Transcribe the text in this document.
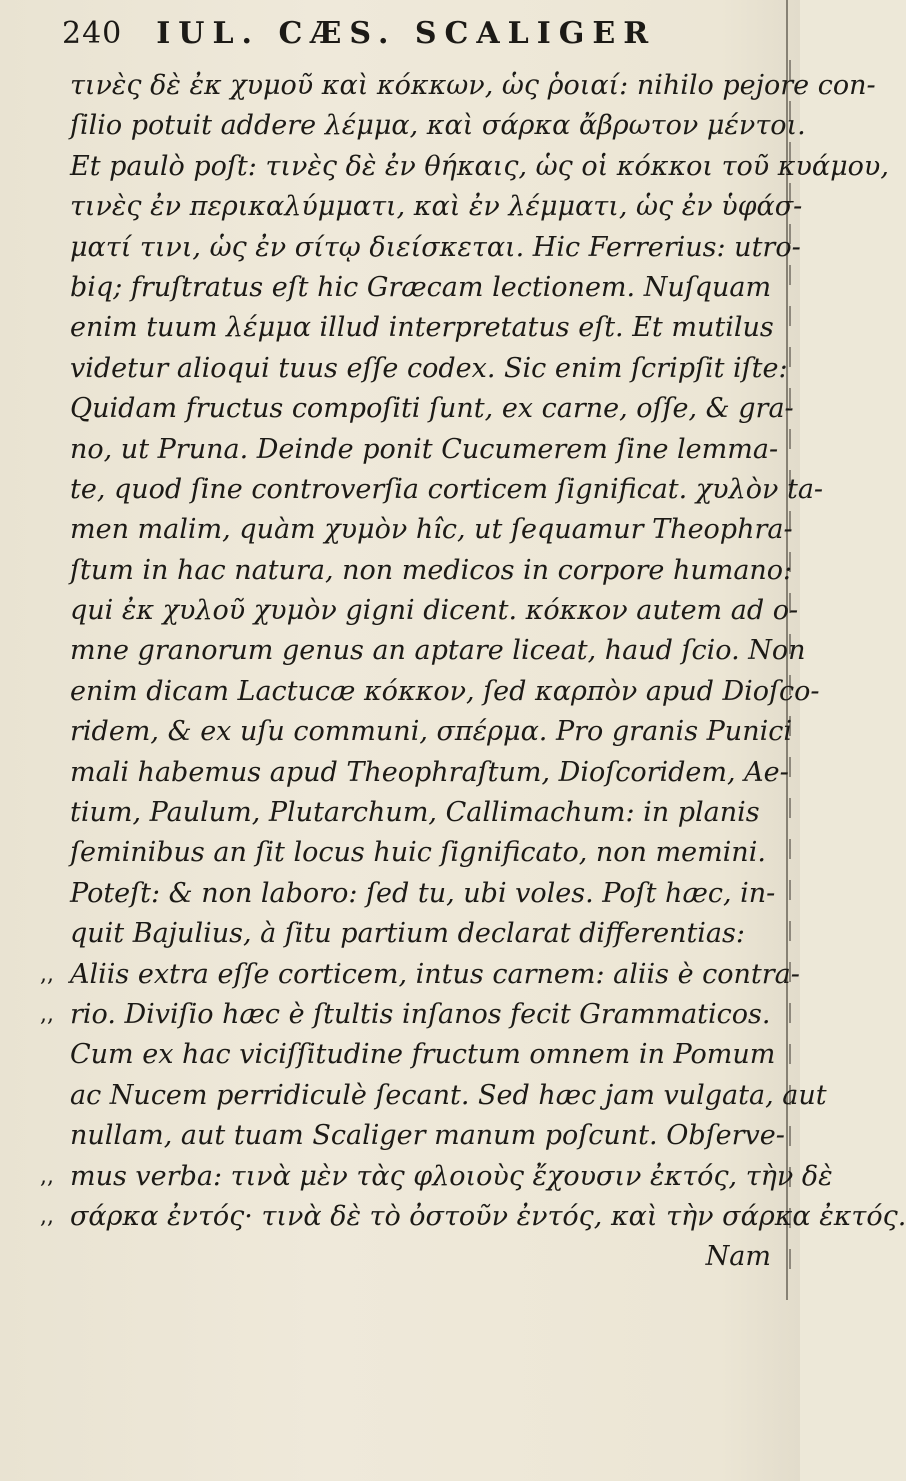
240 IUL. CÆS. SCALIGER
τινὲς δὲ ἐκ χυμοῦ καὶ κόκκων, ὡς ῥοιαί: nihilo pejore con-
ſilio potuit addere λέμμα, καὶ σάρκα ἄβρωτον μέντοι.
Et paulò poſt: τινὲς δὲ ἐν θήκαις, ὡς οἱ κόκκοι τοῦ κυάμου,
τινὲς ἐν περικαλύμματι, καὶ ἐν λέμματι, ὡς ἐν ὑφάσ-
ματί τινι, ὡς ἐν σίτῳ διείσκεται. Hic Ferrerius: utro-
biq; fruſtratus eſt hic Græcam lectionem. Nuſquam
enim tuum λέμμα illud interpretatus eſt. Et mutilus
videtur alioqui tuus eſſe codex. Sic enim ſcripſit iſte:
Quidam fructus compoſiti ſunt, ex carne, oſſe, & gra-
no, ut Pruna. Deinde ponit Cucumerem ſine lemma-
te, quod ſine controverſia corticem ſignificat. χυλὸν ta-
men malim, quàm χυμὸν hîc, ut ſequamur Theophra-
ſtum in hac natura, non medicos in corpore humano:
qui ἐκ χυλοῦ χυμὸν gigni dicent. κόκκον autem ad o-
mne granorum genus an aptare liceat, haud ſcio. Non
enim dicam Lactucæ κόκκον, ſed καρπὸν apud Dioſco-
ridem, & ex uſu communi, σπέρμα. Pro granis Punici
mali habemus apud Theophraſtum, Dioſcoridem, Ae-
tium, Paulum, Plutarchum, Callimachum: in planis
ſeminibus an ſit locus huic ſignificato, non memini.
Poteſt: & non laboro: ſed tu, ubi voles. Poſt hæc, in-
quit Bajulius, à ſitu partium declarat differentias:
,, Aliis extra eſſe corticem, intus carnem: aliis è contra-
,, rio. Diviſio hæc è ſtultis inſanos fecit Grammaticos.
Cum ex hac viciſſitudine fructum omnem in Pomum
ac Nucem perridiculè ſecant. Sed hæc jam vulgata, aut
nullam, aut tuam Scaliger manum poſcunt. Obſerve-
,, mus verba: τινὰ μὲν τὰς φλοιοὺς ἔχουσιν ἐκτός, τὴν δὲ
,, σάρκα ἐντός· τινὰ δὲ τὸ ὀστοῦν ἐντός, καὶ τὴν σάρκα ἐκτός.
Nam
